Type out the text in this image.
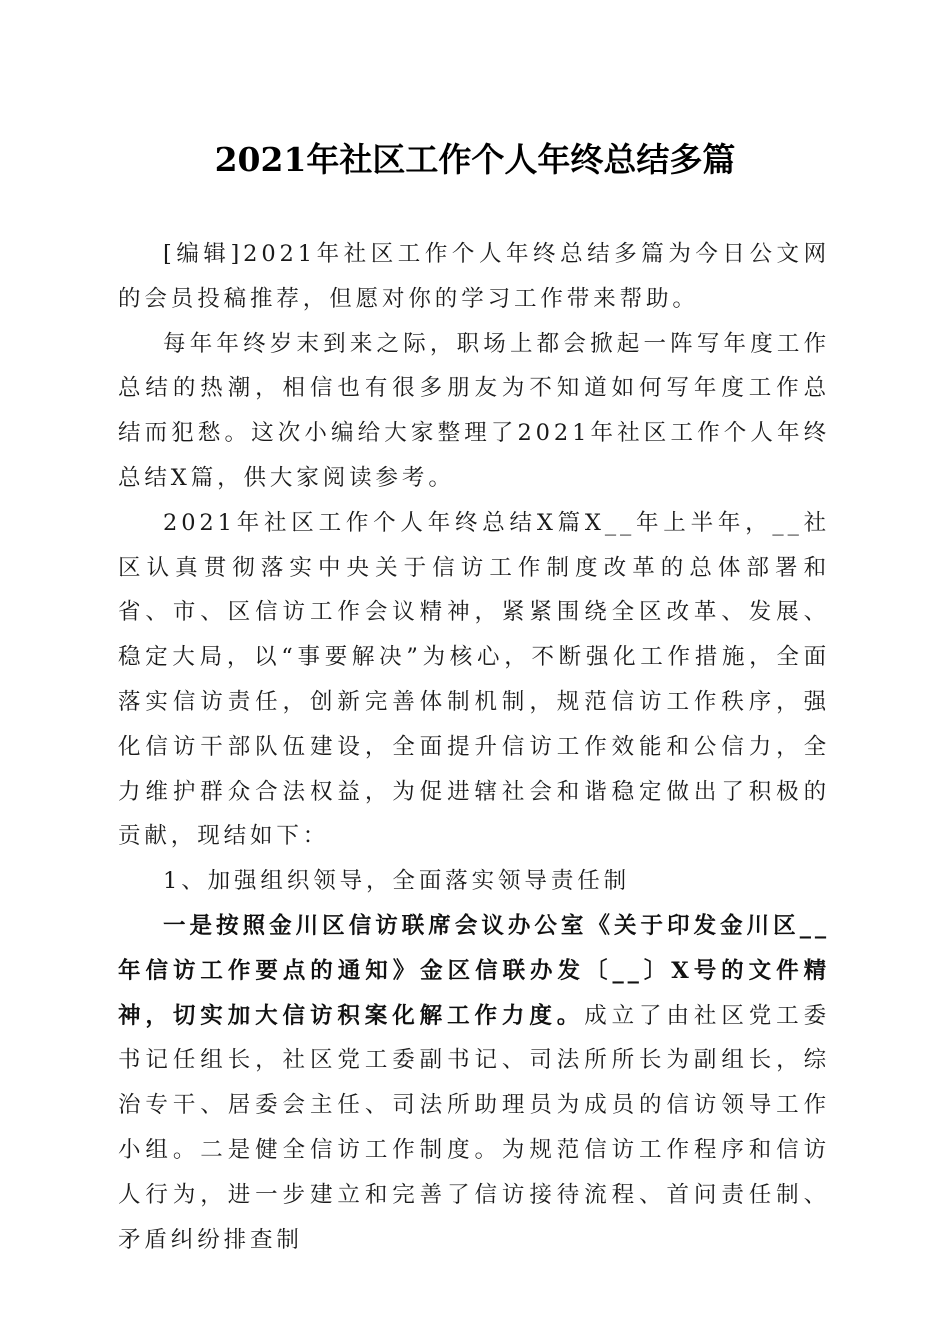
2021年社区工作个人年终总结多篇

[编辑]2021年社区工作个人年终总结多篇为今日公文网的会员投稿推荐，但愿对你的学习工作带来帮助。

每年年终岁末到来之际，职场上都会掀起一阵写年度工作总结的热潮，相信也有很多朋友为不知道如何写年度工作总结而犯愁。这次小编给大家整理了2021年社区工作个人年终总结X篇，供大家阅读参考。

2021年社区工作个人年终总结X篇X__年上半年，__社区认真贯彻落实中央关于信访工作制度改革的总体部署和省、市、区信访工作会议精神，紧紧围绕全区改革、发展、稳定大局，以“事要解决”为核心，不断强化工作措施，全面落实信访责任，创新完善体制机制，规范信访工作秩序，强化信访干部队伍建设，全面提升信访工作效能和公信力，全力维护群众合法权益，为促进辖社会和谐稳定做出了积极的贡献，现结如下：

1、加强组织领导，全面落实领导责任制

一是按照金川区信访联席会议办公室《关于印发金川区__年信访工作要点的通知》金区信联办发〔__〕X号的文件精神，切实加大信访积案化解工作力度。成立了由社区党工委书记任组长，社区党工委副书记、司法所所长为副组长，综治专干、居委会主任、司法所助理员为成员的信访领导工作小组。二是健全信访工作制度。为规范信访工作程序和信访人行为，进一步建立和完善了信访接待流程、首问责任制、矛盾纠纷排查制
